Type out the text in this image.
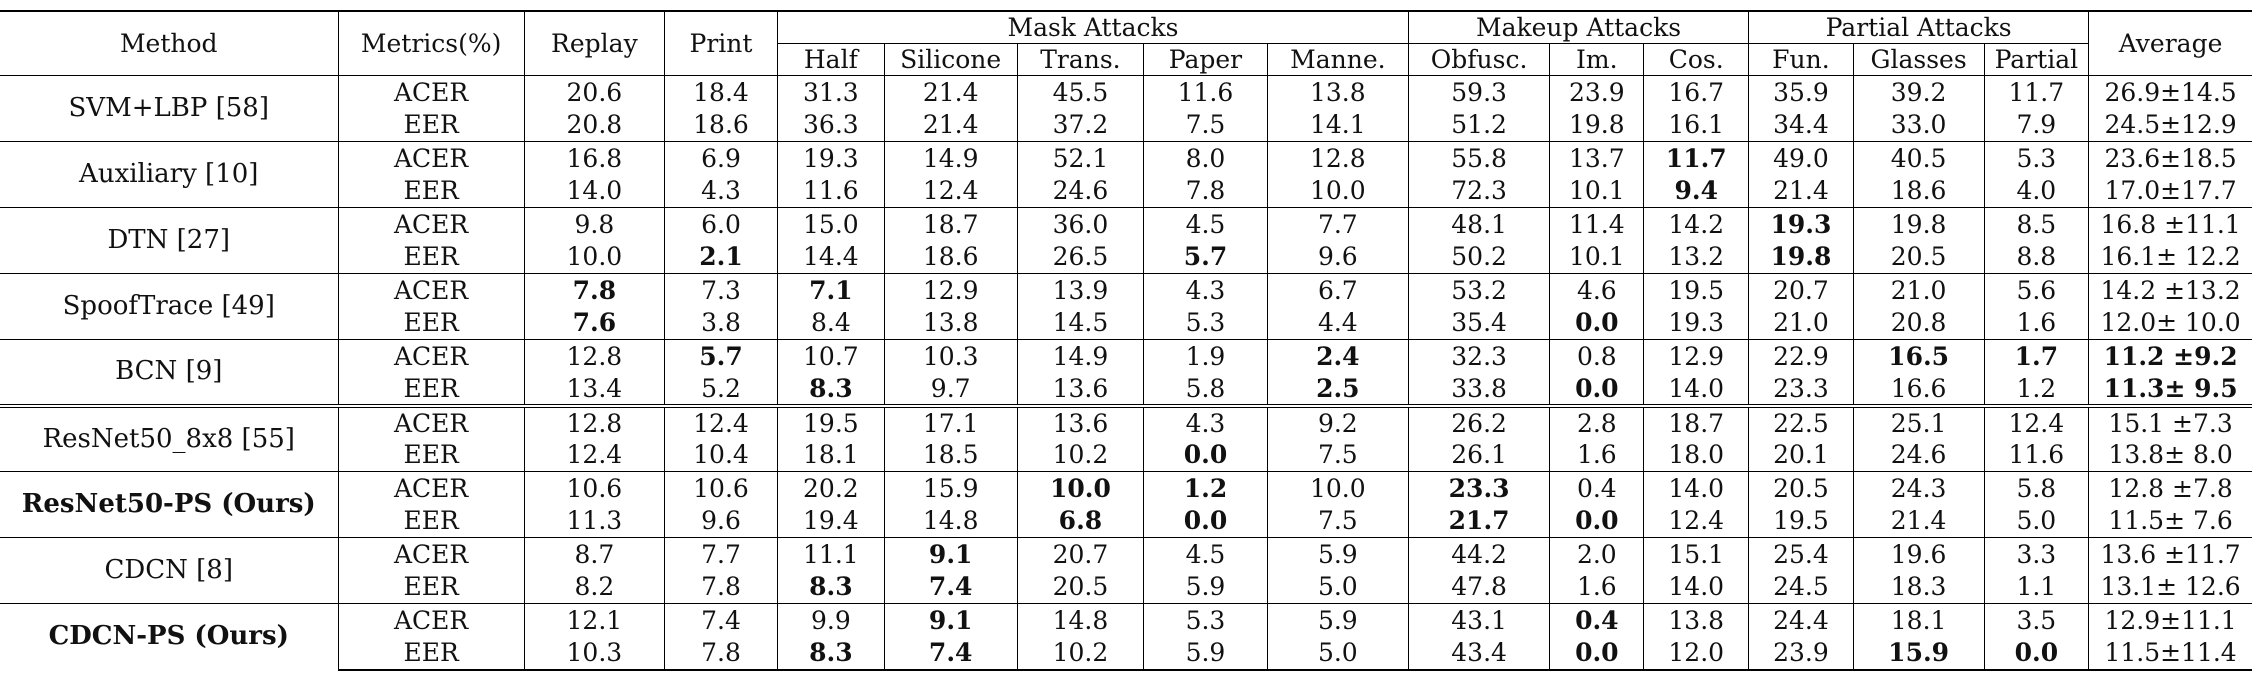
Method	Metrics(%)	Replay	Print	Mask Attacks					Makeup Attacks			Partial Attacks			Average
				Half	Silicone	Trans.	Paper	Manne.	Obfusc.	Im.	Cos.	Fun.	Glasses	Partial	
SVM+LBP [58]	ACER	20.6	18.4	31.3	21.4	45.5	11.6	13.8	59.3	23.9	16.7	35.9	39.2	11.7	26.9±14.5
	EER	20.8	18.6	36.3	21.4	37.2	7.5	14.1	51.2	19.8	16.1	34.4	33.0	7.9	24.5±12.9
Auxiliary [10]	ACER	16.8	6.9	19.3	14.9	52.1	8.0	12.8	55.8	13.7	11.7	49.0	40.5	5.3	23.6±18.5
	EER	14.0	4.3	11.6	12.4	24.6	7.8	10.0	72.3	10.1	9.4	21.4	18.6	4.0	17.0±17.7
DTN [27]	ACER	9.8	6.0	15.0	18.7	36.0	4.5	7.7	48.1	11.4	14.2	19.3	19.8	8.5	16.8 ±11.1
	EER	10.0	2.1	14.4	18.6	26.5	5.7	9.6	50.2	10.1	13.2	19.8	20.5	8.8	16.1± 12.2
SpoofTrace [49]	ACER	7.8	7.3	7.1	12.9	13.9	4.3	6.7	53.2	4.6	19.5	20.7	21.0	5.6	14.2 ±13.2
	EER	7.6	3.8	8.4	13.8	14.5	5.3	4.4	35.4	0.0	19.3	21.0	20.8	1.6	12.0± 10.0
BCN [9]	ACER	12.8	5.7	10.7	10.3	14.9	1.9	2.4	32.3	0.8	12.9	22.9	16.5	1.7	11.2 ±9.2
	EER	13.4	5.2	8.3	9.7	13.6	5.8	2.5	33.8	0.0	14.0	23.3	16.6	1.2	11.3± 9.5
ResNet50_8x8 [55]	ACER	12.8	12.4	19.5	17.1	13.6	4.3	9.2	26.2	2.8	18.7	22.5	25.1	12.4	15.1 ±7.3
	EER	12.4	10.4	18.1	18.5	10.2	0.0	7.5	26.1	1.6	18.0	20.1	24.6	11.6	13.8± 8.0
ResNet50-PS (Ours)	ACER	10.6	10.6	20.2	15.9	10.0	1.2	10.0	23.3	0.4	14.0	20.5	24.3	5.8	12.8 ±7.8
	EER	11.3	9.6	19.4	14.8	6.8	0.0	7.5	21.7	0.0	12.4	19.5	21.4	5.0	11.5± 7.6
CDCN [8]	ACER	8.7	7.7	11.1	9.1	20.7	4.5	5.9	44.2	2.0	15.1	25.4	19.6	3.3	13.6 ±11.7
	EER	8.2	7.8	8.3	7.4	20.5	5.9	5.0	47.8	1.6	14.0	24.5	18.3	1.1	13.1± 12.6
CDCN-PS (Ours)	ACER	12.1	7.4	9.9	9.1	14.8	5.3	5.9	43.1	0.4	13.8	24.4	18.1	3.5	12.9±11.1
	EER	10.3	7.8	8.3	7.4	10.2	5.9	5.0	43.4	0.0	12.0	23.9	15.9	0.0	11.5±11.4
